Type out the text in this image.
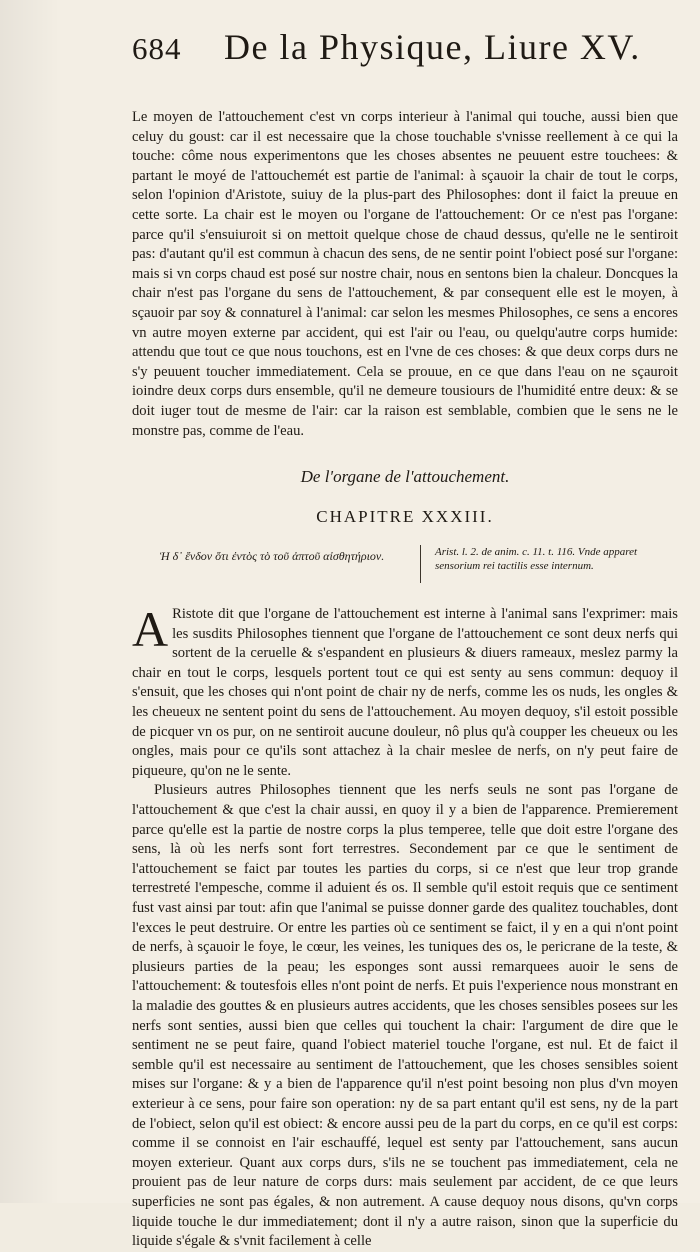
684	De la Physique, Liure XV.

Le moyen de l'attouchement c'est vn corps interieur à l'animal qui touche, aussi bien que celuy du goust: car il est necessaire que la chose touchable s'vnisse reellement à ce qui la touche: côme nous experimentons que les choses absentes ne peuuent estre touchees: & partant le moyé de l'attouchemét est partie de l'animal: à sçauoir la chair de tout le corps, selon l'opinion d'Aristote, suiuy de la plus-part des Philosophes: dont il faict la preuue en cette sorte. La chair est le moyen ou l'organe de l'attouchement: Or ce n'est pas l'organe: parce qu'il s'ensuiuroit si on mettoit quelque chose de chaud dessus, qu'elle ne le sentiroit pas: d'autant qu'il est commun à chacun des sens, de ne sentir point l'obiect posé sur l'organe: mais si vn corps chaud est posé sur nostre chair, nous en sentons bien la chaleur. Doncques la chair n'est pas l'organe du sens de l'attouchement, & par consequent elle est le moyen, à sçauoir par soy & connaturel à l'animal: car selon les mesmes Philosophes, ce sens a encores vn autre moyen externe par accident, qui est l'air ou l'eau, ou quelqu'autre corps humide: attendu que tout ce que nous touchons, est en l'vne de ces choses: & que deux corps durs ne s'y peuuent toucher immediatement. Cela se prouue, en ce que dans l'eau on ne sçauroit ioindre deux corps durs ensemble, qu'il ne demeure tousiours de l'humidité entre deux: & se doit iuger tout de mesme de l'air: car la raison est semblable, combien que le sens ne le monstre pas, comme de l'eau.

De l'organe de l'attouchement.
CHAPITRE XXXIII.
Ἡ δ᾽ ἔνδον ὅτι ἐντὸς τὸ τοῦ ἁπτοῦ αἰσθητήριον.	Arist. l. 2. de anim. c. 11. t. 116. Vnde apparet sensorium rei tactilis esse internum.

A Ristote dit que l'organe de l'attouchement est interne à l'animal sans l'exprimer: mais les susdits Philosophes tiennent que l'organe de l'attouchement ce sont deux nerfs qui sortent de la ceruelle & s'espandent en plusieurs & diuers rameaux, meslez parmy la chair en tout le corps, lesquels portent tout ce qui est senty au sens commun: dequoy il s'ensuit, que les choses qui n'ont point de chair ny de nerfs, comme les os nuds, les ongles & les cheueux ne sentent point du sens de l'attouchement. Au moyen dequoy, s'il estoit possible de picquer vn os pur, on ne sentiroit aucune douleur, nô plus qu'à coupper les cheueux ou les ongles, mais pour ce qu'ils sont attachez à la chair meslee de nerfs, on n'y peut faire de piqueure, qu'on ne le sente.

Plusieurs autres Philosophes tiennent que les nerfs seuls ne sont pas l'organe de l'attouchement & que c'est la chair aussi, en quoy il y a bien de l'apparence. Premierement parce qu'elle est la partie de nostre corps la plus temperee, telle que doit estre l'organe des sens, là où les nerfs sont fort terrestres. Secondement par ce que le sentiment de l'attouchement se faict par toutes les parties du corps, si ce n'est que leur trop grande terrestreté l'empesche, comme il aduient és os. Il semble qu'il estoit requis que ce sentiment fust vast ainsi par tout: afin que l'animal se puisse donner garde des qualitez touchables, dont l'exces le peut destruire. Or entre les parties où ce sentiment se faict, il y en a qui n'ont point de nerfs, à sçauoir le foye, le cœur, les veines, les tuniques des os, le pericrane de la teste, & plusieurs parties de la peau; les esponges sont aussi remarquees auoir le sens de l'attouchement: & toutesfois elles n'ont point de nerfs. Et puis l'experience nous monstrant en la maladie des gouttes & en plusieurs autres accidents, que les choses sensibles posees sur les nerfs sont senties, aussi bien que celles qui touchent la chair: l'argument de dire que le sentiment ne se peut faire, quand l'obiect materiel touche l'organe, est nul. Et de faict il semble qu'il est necessaire au sentiment de l'attouchement, que les choses sensibles soient mises sur l'organe: & y a bien de l'apparence qu'il n'est point besoing non plus d'vn moyen exterieur à ce sens, pour faire son operation: ny de sa part entant qu'il est sens, ny de la part de l'obiect, selon qu'il est obiect: & encore aussi peu de la part du corps, en ce qu'il est corps: comme il se connoist en l'air eschauffé, lequel est senty par l'attouchement, sans aucun moyen exterieur. Quant aux corps durs, s'ils ne se touchent pas immediatement, cela ne prouient pas de leur nature de corps durs: mais seulement par accident, de ce que leurs superficies ne sont pas égales, & non autrement. A cause dequoy nous disons, qu'vn corps liquide touche le dur immediatement; dont il n'y a autre raison, sinon que la superficie du liquide s'égale & s'vnit facilement à celle
